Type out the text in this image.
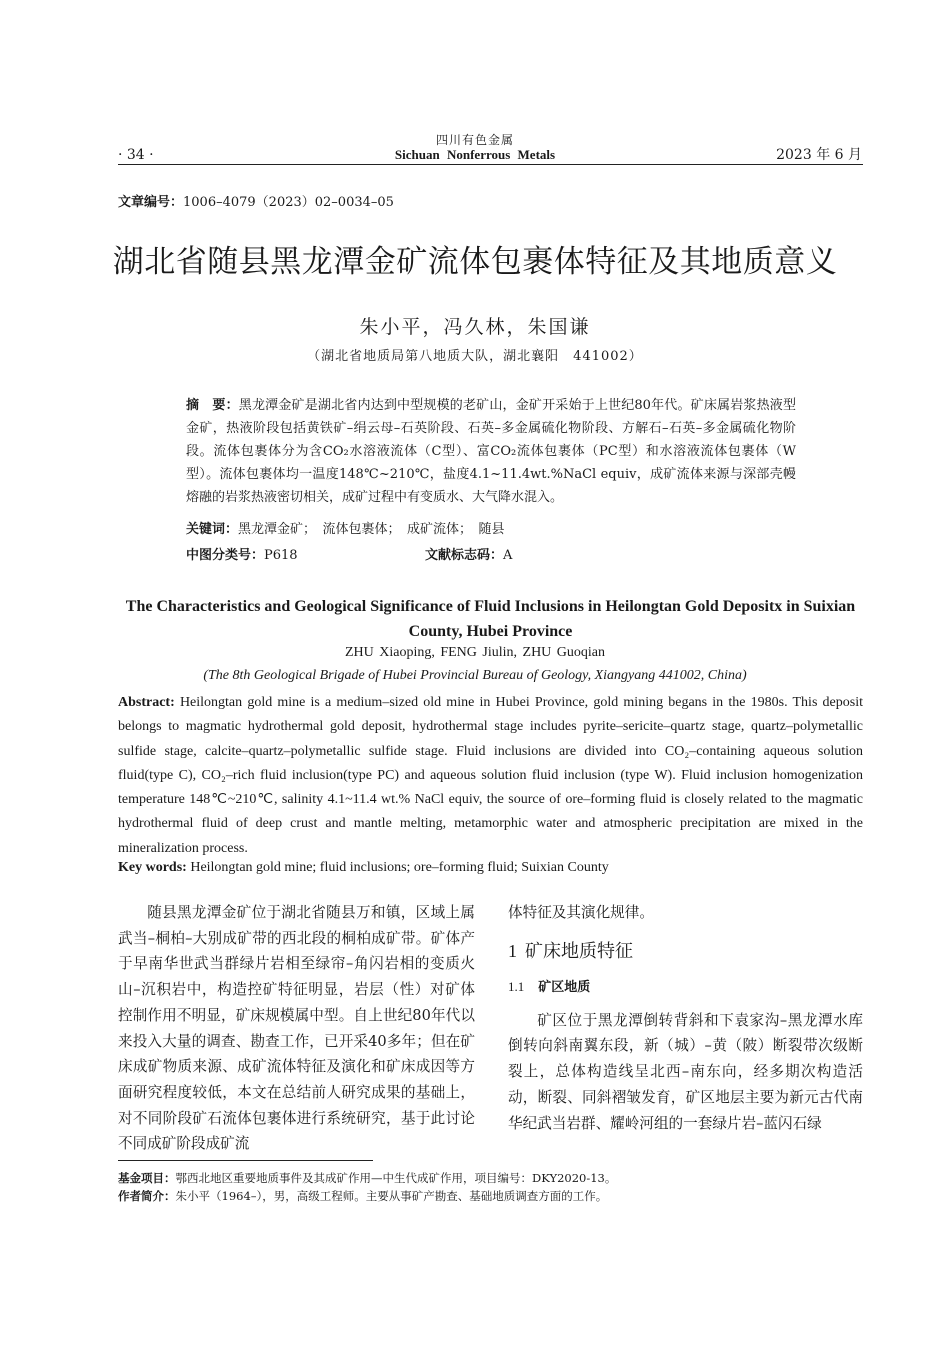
四川有色金属
· 34 ·	Sichuan Nonferrous Metals	2023 年 6 月
文章编号：1006–4079（2023）02–0034–05
湖北省随县黑龙潭金矿流体包裹体特征及其地质意义
朱小平，冯久林，朱国谦
（湖北省地质局第八地质大队，湖北襄阳　441002）
摘　要：黑龙潭金矿是湖北省内达到中型规模的老矿山，金矿开采始于上世纪80年代。矿床属岩浆热液型金矿，热液阶段包括黄铁矿–绢云母–石英阶段、石英–多金属硫化物阶段、方解石–石英–多金属硫化物阶段。流体包裹体分为含CO₂水溶液流体（C型）、富CO₂流体包裹体（PC型）和水溶液流体包裹体（W型）。流体包裹体均一温度148℃~210℃，盐度4.1~11.4wt.%NaCl equiv，成矿流体来源与深部壳幔熔融的岩浆热液密切相关，成矿过程中有变质水、大气降水混入。
关键词：黑龙潭金矿；　流体包裹体；　成矿流体；　随县
中图分类号：P618	文献标志码：A
The Characteristics and Geological Significance of Fluid Inclusions in Heilongtan Gold Depositx in Suixian County, Hubei Province
ZHU Xiaoping, FENG Jiulin, ZHU Guoqian
(The 8th Geological Brigade of Hubei Provincial Bureau of Geology, Xiangyang 441002, China)
Abstract: Heilongtan gold mine is a medium–sized old mine in Hubei Province, gold mining begans in the 1980s. This deposit belongs to magmatic hydrothermal gold deposit, hydrothermal stage includes pyrite–sericite–quartz stage, quartz–polymetallic sulfide stage, calcite–quartz–polymetallic sulfide stage. Fluid inclusions are divided into CO₂–containing aqueous solution fluid(type C), CO₂–rich fluid inclusion(type PC) and aqueous solution fluid inclusion (type W). Fluid inclusion homogenization temperature 148℃~210℃, salinity 4.1~11.4 wt.% NaCl equiv, the source of ore–forming fluid is closely related to the magmatic hydrothermal fluid of deep crust and mantle melting, metamorphic water and atmospheric precipitation are mixed in the mineralization process.
Key words: Heilongtan gold mine; fluid inclusions; ore–forming fluid; Suixian County

随县黑龙潭金矿位于湖北省随县万和镇，区域上属武当–桐柏–大别成矿带的西北段的桐柏成矿带。矿体产于早南华世武当群绿片岩相至绿帘–角闪岩相的变质火山–沉积岩中，构造控矿特征明显，岩层（性）对矿体控制作用不明显，矿床规模属中型。自上世纪80年代以来投入大量的调查、勘查工作，已开采40多年；但在矿床成矿物质来源、成矿流体特征及演化和矿床成因等方面研究程度较低，本文在总结前人研究成果的基础上，对不同阶段矿石流体包裹体进行系统研究，基于此讨论不同成矿阶段成矿流

体特征及其演化规律。

1 矿床地质特征
1.1 矿区地质

矿区位于黑龙潭倒转背斜和下袁家沟–黑龙潭水库倒转向斜南翼东段，新（城）–黄（陂）断裂带次级断裂上，总体构造线呈北西–南东向，经多期次构造活动，断裂、同斜褶皱发育，矿区地层主要为新元古代南华纪武当岩群、耀岭河组的一套绿片岩–蓝闪石绿

基金项目：鄂西北地区重要地质事件及其成矿作用—中生代成矿作用，项目编号：DKY2020-13。
作者简介：朱小平（1964–），男，高级工程师。主要从事矿产勘查、基础地质调查方面的工作。
